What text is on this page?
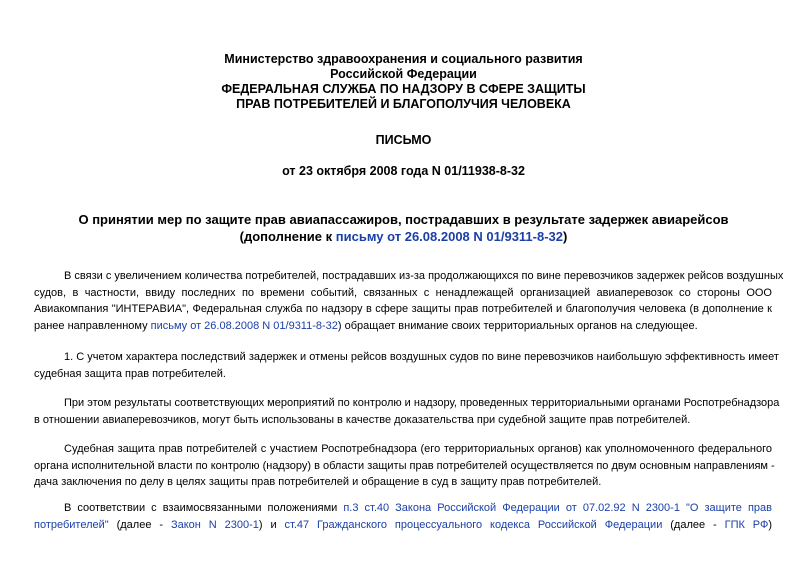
Министерство здравоохранения и социального развития
Российской Федерации
ФЕДЕРАЛЬНАЯ СЛУЖБА ПО НАДЗОРУ В СФЕРЕ ЗАЩИТЫ
ПРАВ ПОТРЕБИТЕЛЕЙ И БЛАГОПОЛУЧИЯ ЧЕЛОВЕКА
ПИСЬМО
от 23 октября 2008 года N 01/11938-8-32
О принятии мер по защите прав авиапассажиров, пострадавших в результате задержек авиарейсов
(дополнение к письму от 26.08.2008 N 01/9311-8-32)
В связи с увеличением количества потребителей, пострадавших из-за продолжающихся по вине перевозчиков задержек рейсов воздушных
судов, в частности, ввиду последних по времени событий, связанных с ненадлежащей организацией авиаперевозок со стороны ООО
Авиакомпания "ИНТЕРАВИА", Федеральная служба по надзору в сфере защиты прав потребителей и благополучия человека (в дополнение к
ранее направленному письму от 26.08.2008 N 01/9311-8-32) обращает внимание своих территориальных органов на следующее.
1. С учетом характера последствий задержек и отмены рейсов воздушных судов по вине перевозчиков наибольшую эффективность имеет
судебная защита прав потребителей.
При этом результаты соответствующих мероприятий по контролю и надзору, проведенных территориальными органами Роспотребнадзора
в отношении авиаперевозчиков, могут быть использованы в качестве доказательства при судебной защите прав потребителей.
Судебная защита прав потребителей с участием Роспотребнадзора (его территориальных органов) как уполномоченного федерального
органа исполнительной власти по контролю (надзору) в области защиты прав потребителей осуществляется по двум основным направлениям -
дача заключения по делу в целях защиты прав потребителей и обращение в суд в защиту прав потребителей.
В соответствии с взаимосвязанными положениями п.3 ст.40 Закона Российской Федерации от 07.02.92 N 2300-1 "О защите прав
потребителей" (далее - Закон N 2300-1) и ст.47 Гражданского процессуального кодекса Российской Федерации (далее - ГПК РФ)
